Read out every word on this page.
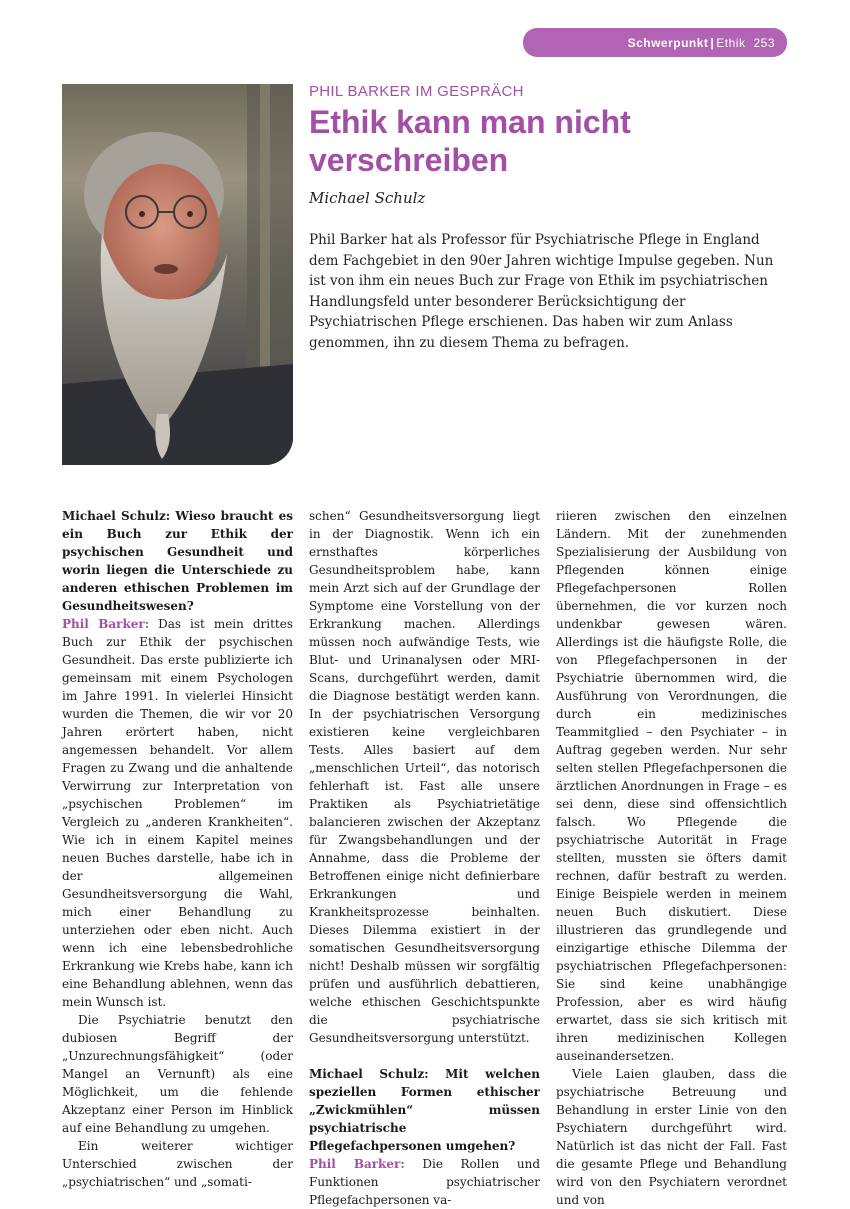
Schwerpunkt | Ethik 253
PHIL BARKER IM GESPRÄCH
Ethik kann man nicht verschreiben
Michael Schulz

Phil Barker hat als Professor für Psychiatrische Pflege in England dem Fachgebiet in den 90er Jahren wichtige Impulse gegeben. Nun ist von ihm ein neues Buch zur Frage von Ethik im psychiatrischen Handlungsfeld unter besonderer Berücksichtigung der Psychiatrischen Pflege erschienen. Das haben wir zum Anlass genommen, ihn zu diesem Thema zu befragen.

Michael Schulz: Wieso braucht es ein Buch zur Ethik der psychischen Gesundheit und worin liegen die Unterschiede zu anderen ethischen Problemen im Gesundheitswesen?

Phil Barker: Das ist mein drittes Buch zur Ethik der psychischen Gesundheit. Das erste publizierte ich gemeinsam mit einem Psychologen im Jahre 1991. In vielerlei Hinsicht wurden die Themen, die wir vor 20 Jahren erörtert haben, nicht angemessen behandelt. Vor allem Fragen zu Zwang und die anhaltende Verwirrung zur Interpretation von „psychischen Problemen“ im Vergleich zu „anderen Krankheiten“. Wie ich in einem Kapitel meines neuen Buches darstelle, habe ich in der allgemeinen Gesundheitsversorgung die Wahl, mich einer Behandlung zu unterziehen oder eben nicht. Auch wenn ich eine lebensbedrohliche Erkrankung wie Krebs habe, kann ich eine Behandlung ablehnen, wenn das mein Wunsch ist.

Die Psychiatrie benutzt den dubiosen Begriff der „Unzurechnungsfähigkeit“ (oder Mangel an Vernunft) als eine Möglichkeit, um die fehlende Akzeptanz einer Person im Hinblick auf eine Behandlung zu umgehen.

Ein weiterer wichtiger Unterschied zwischen der „psychiatrischen“ und „somati-

schen“ Gesundheitsversorgung liegt in der Diagnostik. Wenn ich ein ernsthaftes körperliches Gesundheitsproblem habe, kann mein Arzt sich auf der Grundlage der Symptome eine Vorstellung von der Erkrankung machen. Allerdings müssen noch aufwändige Tests, wie Blut- und Urinanalysen oder MRI-Scans, durchgeführt werden, damit die Diagnose bestätigt werden kann. In der psychiatrischen Versorgung existieren keine vergleichbaren Tests. Alles basiert auf dem „menschlichen Urteil“, das notorisch fehlerhaft ist. Fast alle unsere Praktiken als Psychiatrietätige balancieren zwischen der Akzeptanz für Zwangsbehandlungen und der Annahme, dass die Probleme der Betroffenen einige nicht definierbare Erkrankungen und Krankheitsprozesse beinhalten. Dieses Dilemma existiert in der somatischen Gesundheitsversorgung nicht! Deshalb müssen wir sorgfältig prüfen und ausführlich debattieren, welche ethischen Geschichtspunkte die psychiatrische Gesundheitsversorgung unterstützt.

Michael Schulz: Mit welchen speziellen Formen ethischer „Zwickmühlen“ müssen psychiatrische Pflegefachpersonen umgehen?

Phil Barker: Die Rollen und Funktionen psychiatrischer Pflegefachpersonen va-

riieren zwischen den einzelnen Ländern. Mit der zunehmenden Spezialisierung der Ausbildung von Pflegenden können einige Pflegefachpersonen Rollen übernehmen, die vor kurzen noch undenkbar gewesen wären. Allerdings ist die häufigste Rolle, die von Pflegefachpersonen in der Psychiatrie übernommen wird, die Ausführung von Verordnungen, die durch ein medizinisches Teammitglied – den Psychiater – in Auftrag gegeben werden. Nur sehr selten stellen Pflegefachpersonen die ärztlichen Anordnungen in Frage – es sei denn, diese sind offensichtlich falsch. Wo Pflegende die psychiatrische Autorität in Frage stellten, mussten sie öfters damit rechnen, dafür bestraft zu werden. Einige Beispiele werden in meinem neuen Buch diskutiert. Diese illustrieren das grundlegende und einzigartige ethische Dilemma der psychiatrischen Pflegefachpersonen: Sie sind keine unabhängige Profession, aber es wird häufig erwartet, dass sie sich kritisch mit ihren medizinischen Kollegen auseinandersetzen.

Viele Laien glauben, dass die psychiatrische Betreuung und Behandlung in erster Linie von den Psychiatern durchgeführt wird. Natürlich ist das nicht der Fall. Fast die gesamte Pflege und Behandlung wird von den Psychiatern verordnet und von
